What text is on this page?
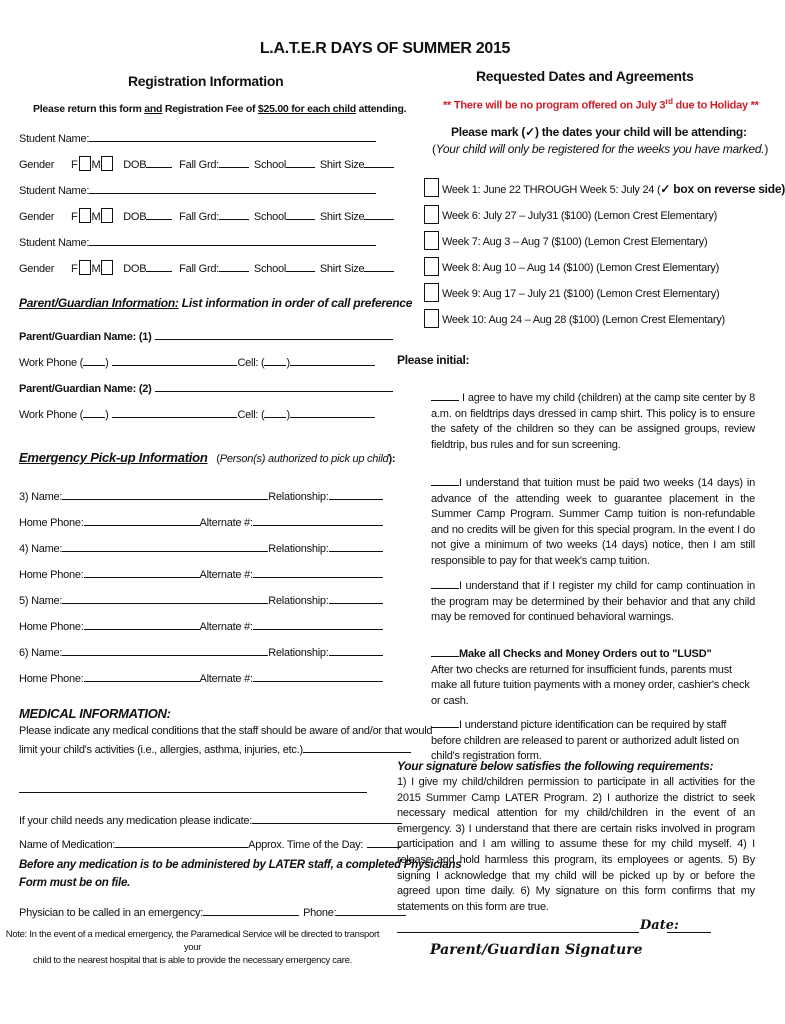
L.A.T.E.R DAYS OF SUMMER 2015
Registration Information
Please return this form and Registration Fee of $25.00 for each child attending.
Student Name:
Gender F M DOB	Fall Grd:	School	Shirt Size
Student Name:
Gender F M DOB	Fall Grd:	School	Shirt Size
Student Name:
Gender F M DOB	Fall Grd:	School	Shirt Size
Parent/Guardian Information: List information in order of call preference
Parent/Guardian Name: (1)
Work Phone ( )	Cell: ( )
Parent/Guardian Name: (2)
Work Phone ( )	Cell: ( )
Emergency Pick-up Information (Person(s) authorized to pick up child):
3) Name:	Relationship:
Home Phone:	Alternate #:
4) Name:	Relationship:
Home Phone:	Alternate #:
5) Name:	Relationship:
Home Phone:	Alternate #:
6) Name:	Relationship:
Home Phone:	Alternate #:
MEDICAL INFORMATION:
Please indicate any medical conditions that the staff should be aware of and/or that would
limit your child's activities (i.e., allergies, asthma, injuries, etc.)
If your child needs any medication please indicate:
Name of Medication:	Approx. Time of the Day:
Before any medication is to be administered by LATER staff, a completed Physicians
Form must be on file.
Physician to be called in an emergency:	Phone:
Note: In the event of a medical emergency, the Paramedical Service will be directed to transport your
child to the nearest hospital that is able to provide the necessary emergency care.
Requested Dates and Agreements
** There will be no program offered on July 3rd due to Holiday **
Please mark (✓) the dates your child will be attending:
(Your child will only be registered for the weeks you have marked.)
Week 1: June 22 THROUGH Week 5: July 24 (✓ box on reverse side)
Week 6: July 27 – July31 ($100) (Lemon Crest Elementary)
Week 7: Aug 3 – Aug 7 ($100) (Lemon Crest Elementary)
Week 8: Aug 10 – Aug 14 ($100) (Lemon Crest Elementary)
Week 9: Aug 17 – July 21 ($100) (Lemon Crest Elementary)
Week 10: Aug 24 – Aug 28 ($100) (Lemon Crest Elementary)
Please initial:
I agree to have my child (children) at the camp site center by 8 a.m. on fieldtrips days dressed in camp shirt. This policy is to ensure the safety of the children so they can be assigned groups, review fieldtrip, bus rules and for sun screening.
I understand that tuition must be paid two weeks (14 days) in advance of the attending week to guarantee placement in the Summer Camp Program. Summer Camp tuition is non-refundable and no credits will be given for this special program. In the event I do not give a minimum of two weeks (14 days) notice, then I am still responsible to pay for that week's camp tuition.
I understand that if I register my child for camp continuation in the program may be determined by their behavior and that any child may be removed for continued behavioral warnings.
Make all Checks and Money Orders out to "LUSD"
After two checks are returned for insufficient funds, parents must make all future tuition payments with a money order, cashier's check or cash.
I understand picture identification can be required by staff before children are released to parent or authorized adult listed on child's registration form.
Your signature below satisfies the following requirements:
1) I give my child/children permission to participate in all activities for the 2015 Summer Camp LATER Program. 2) I authorize the district to seek necessary medical attention for my child/children in the event of an emergency. 3) I understand that there are certain risks involved in program participation and I am willing to assume these for my child myself. 4) I release and hold harmless this program, its employees or agents. 5) By signing I acknowledge that my child will be picked up by or before the agreed upon time daily. 6) My signature on this form confirms that my statements on this form are true.
Date:
Parent/Guardian Signature
